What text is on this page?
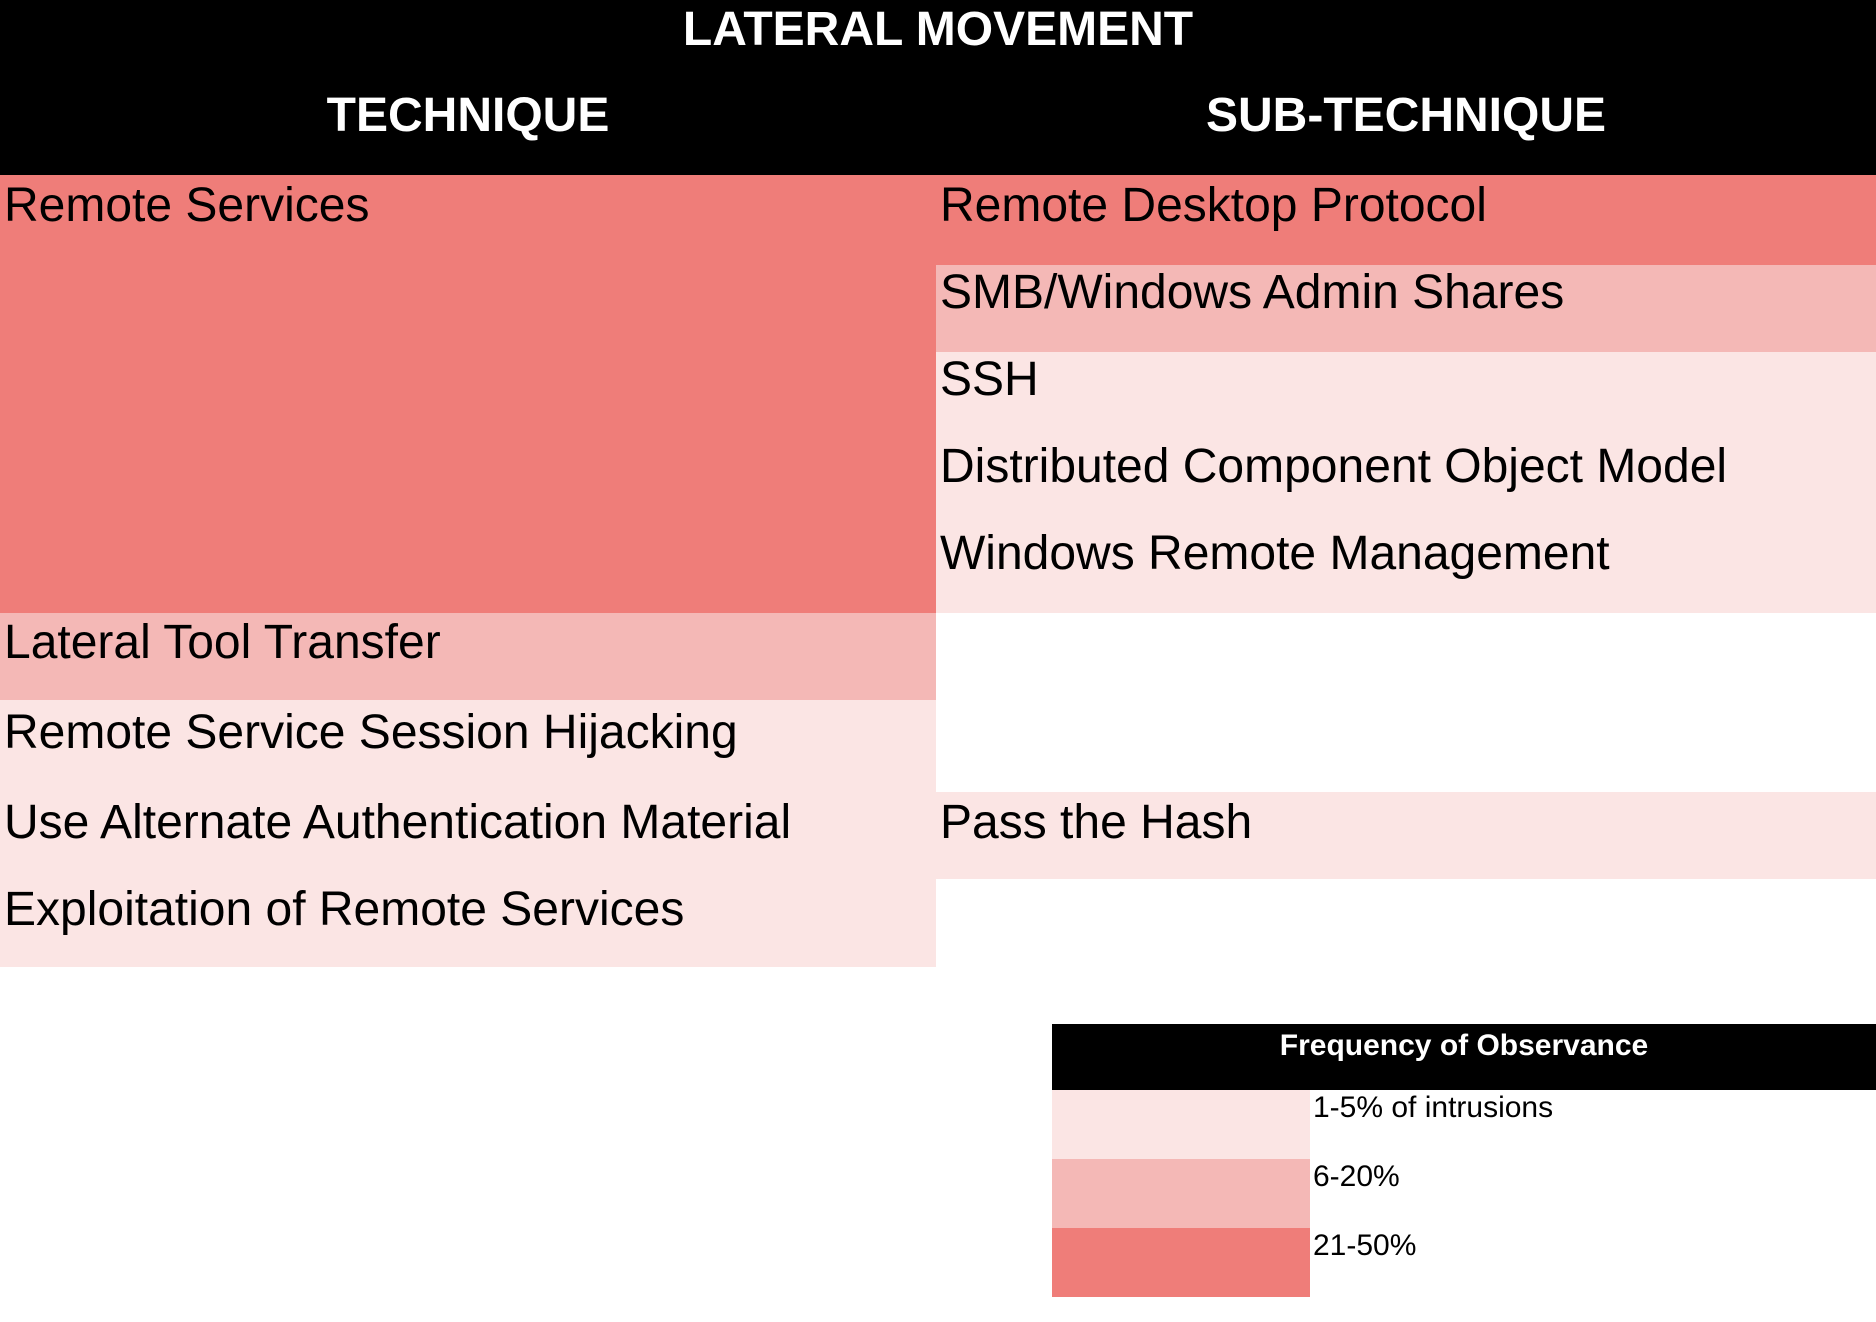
LATERAL MOVEMENT
TECHNIQUE	SUB-TECHNIQUE
Remote Services
Lateral Tool Transfer
Remote Service Session Hijacking
Use Alternate Authentication Material
Exploitation of Remote Services
Remote Desktop Protocol
SMB/Windows Admin Shares
SSH
Distributed Component Object Model
Windows Remote Management
Pass the Hash
Frequency of Observance
1-5% of intrusions
6-20%
21-50%
